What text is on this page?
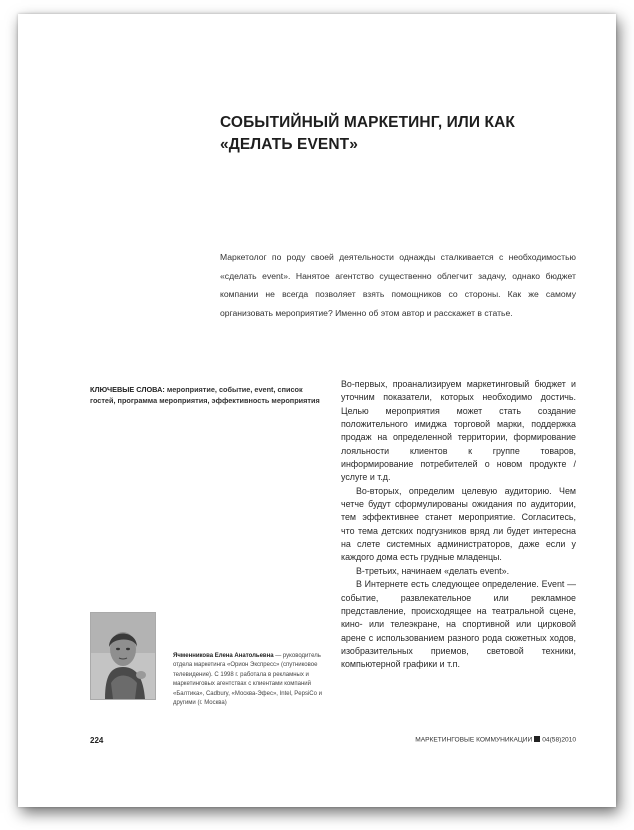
СОБЫТИЙНЫЙ МАРКЕТИНГ, ИЛИ КАК
«ДЕЛАТЬ EVENT»
Маркетолог по роду своей деятельности однажды сталкивается с необходимостью «сделать event». Нанятое агентство существенно облегчит задачу, однако бюджет компании не всегда позволяет взять помощников со стороны. Как же самому организовать мероприятие? Именно об этом автор и расскажет в статье.
КЛЮЧЕВЫЕ СЛОВА: мероприятие, событие, event, список гостей, программа мероприятия, эффективность мероприятия

Во-первых, проанализируем маркетинговый бюджет и уточним показатели, которых необходимо достичь. Целью мероприятия может стать создание положительного имиджа торговой марки, поддержка продаж на определенной территории, формирование лояльности клиентов к группе товаров, информирование потребителей о новом продукте / услуге и т.д.

Во-вторых, определим целевую аудиторию. Чем четче будут сформулированы ожидания по аудитории, тем эффективнее станет мероприятие. Согласитесь, что тема детских подгузников вряд ли будет интересна на слете системных администраторов, даже если у каждого дома есть грудные младенцы.

В-третьих, начинаем «делать event».

В Интернете есть следующее определение. Event — событие, развлекательное или рекламное представление, происходящее на театральной сцене, кино- или телеэкране, на спортивной или цирковой арене с использованием разного рода сюжетных ходов, изобразительных приемов, световой техники, компьютерной графики и т.п.

Ячменникова Елена Анатольевна — руководитель отдела маркетинга «Орион Экспресс» (спутниковое телевидение). С 1998 г. работала в рекламных и маркетинговых агентствах с клиентами компаний «Балтика», Cadbury, «Москва-Эфес», Intel, PepsiCo и другими (г. Москва)
224	МАРКЕТИНГОВЫЕ КОММУНИКАЦИИ 04(58)2010
